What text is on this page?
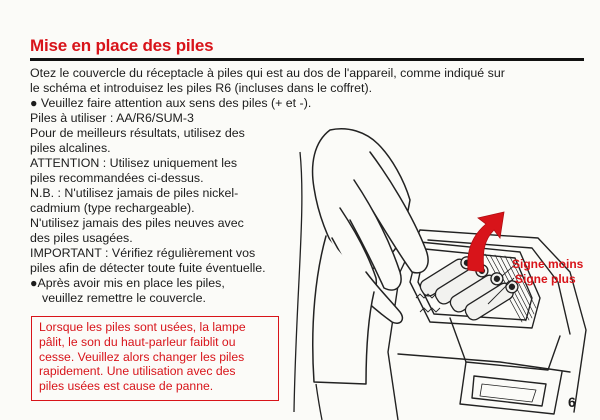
Mise en place des piles

Otez le couvercle du réceptacle à piles qui est au dos de l'appareil, comme indiqué sur

le schéma et introduisez les piles R6 (incluses dans le coffret).

● Veuillez faire attention aux sens des piles (+ et -).

Piles à utiliser : AA/R6/SUM-3

Pour de meilleurs résultats, utilisez des

piles alcalines.

ATTENTION : Utilisez uniquement les

piles recommandées ci-dessus.

N.B. : N'utilisez jamais de piles nickel-

cadmium (type rechargeable).

N'utilisez jamais des piles neuves avec

des piles usagées.

IMPORTANT : Vérifiez régulièrement vos

piles afin de détecter toute fuite éventuelle.

●Après avoir mis en place les piles,

veuillez remettre le couvercle.

Signe moins
Signe plus
Lorsque les piles sont usées, la lampe
pâlit, le son du haut-parleur faiblit ou
cesse. Veuillez alors changer les piles
rapidement. Une utilisation avec des
piles usées est cause de panne.
6
